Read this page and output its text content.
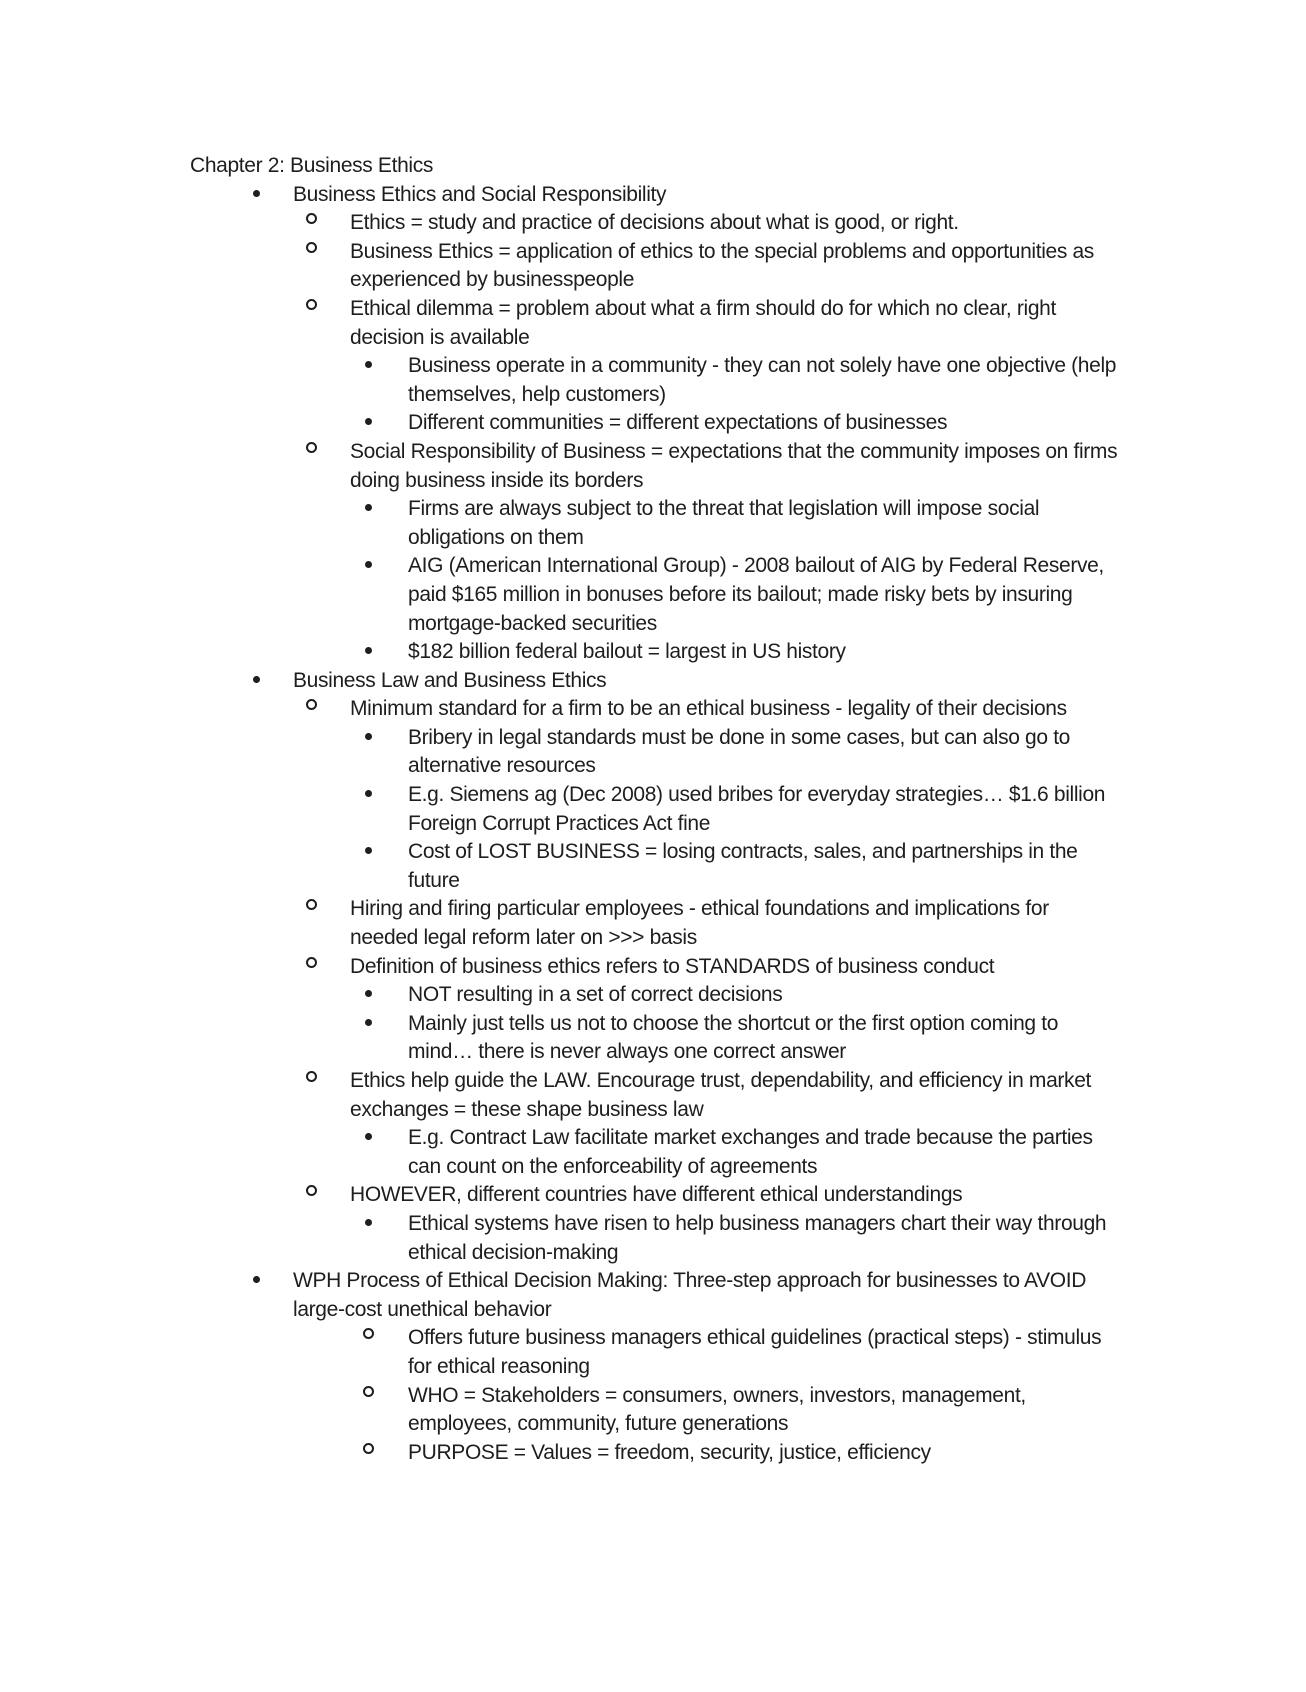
Chapter 2: Business Ethics

Business Ethics and Social Responsibility
Ethics = study and practice of decisions about what is good, or right.
Business Ethics = application of ethics to the special problems and opportunities as experienced by businesspeople
Ethical dilemma = problem about what a firm should do for which no clear, right decision is available
Business operate in a community - they can not solely have one objective (help themselves, help customers)
Different communities = different expectations of businesses
Social Responsibility of Business = expectations that the community imposes on firms doing business inside its borders
Firms are always subject to the threat that legislation will impose social obligations on them
AIG (American International Group) - 2008 bailout of AIG by Federal Reserve, paid $165 million in bonuses before its bailout; made risky bets by insuring mortgage-backed securities
$182 billion federal bailout = largest in US history
Business Law and Business Ethics
Minimum standard for a firm to be an ethical business - legality of their decisions
Bribery in legal standards must be done in some cases, but can also go to alternative resources
E.g. Siemens ag (Dec 2008) used bribes for everyday strategies… $1.6 billion Foreign Corrupt Practices Act fine
Cost of LOST BUSINESS = losing contracts, sales, and partnerships in the future
Hiring and firing particular employees - ethical foundations and implications for needed legal reform later on >>> basis
Definition of business ethics refers to STANDARDS of business conduct
NOT resulting in a set of correct decisions
Mainly just tells us not to choose the shortcut or the first option coming to mind… there is never always one correct answer
Ethics help guide the LAW. Encourage trust, dependability, and efficiency in market exchanges = these shape business law
E.g. Contract Law facilitate market exchanges and trade because the parties can count on the enforceability of agreements
HOWEVER, different countries have different ethical understandings
Ethical systems have risen to help business managers chart their way through ethical decision-making
WPH Process of Ethical Decision Making: Three-step approach for businesses to AVOID large-cost unethical behavior
Offers future business managers ethical guidelines (practical steps) - stimulus for ethical reasoning
WHO = Stakeholders = consumers, owners, investors, management, employees, community, future generations
PURPOSE = Values = freedom, security, justice, efficiency
